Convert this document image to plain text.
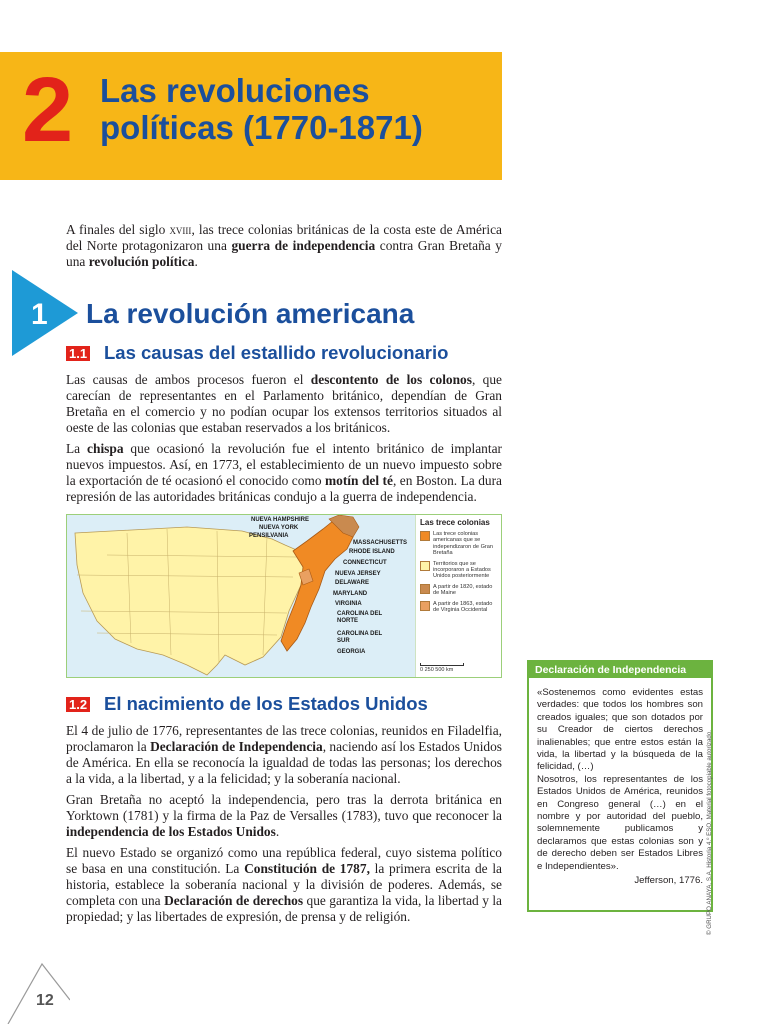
2 Las revoluciones políticas (1770-1871)
A finales del siglo xviii, las trece colonias británicas de la costa este de América del Norte protagonizaron una guerra de independencia contra Gran Bretaña y una revolución política.
1 La revolución americana
1.1 Las causas del estallido revolucionario

Las causas de ambos procesos fueron el descontento de los colonos, que carecían de representantes en el Parlamento británico, dependían de Gran Bretaña en el comercio y no podían ocupar los extensos territorios situados al oeste de las colonias que estaban reservados a los británicos.

La chispa que ocasionó la revolución fue el intento británico de implantar nuevos impuestos. Así, en 1773, el establecimiento de un nuevo impuesto sobre la exportación de té ocasionó el conocido como motín del té, en Boston. La dura represión de las autoridades británicas condujo a la guerra de independencia.

NUEVA HAMPSHIRE
NUEVA YORK
PENSILVANIA
MASSACHUSETTS
RHODE ISLAND
CONNECTICUT
NUEVA JERSEY
DELAWARE
MARYLAND
VIRGINIA
CAROLINA DEL NORTE
CAROLINA DEL SUR
GEORGIA
Las trece colonias
Las trece colonias americanas que se independizaron de Gran Bretaña
Territorios que se incorporaron a Estados Unidos posteriormente
A partir de 1820, estado de Maine
A partir de 1863, estado de Virginia Occidental
0 250 500 km
1.2 El nacimiento de los Estados Unidos

El 4 de julio de 1776, representantes de las trece colonias, reunidos en Filadelfia, proclamaron la Declaración de Independencia, naciendo así los Estados Unidos de América. En ella se reconocía la igualdad de todas las personas; los derechos a la vida, a la libertad, y a la felicidad; y la soberanía nacional.

Gran Bretaña no aceptó la independencia, pero tras la derrota británica en Yorktown (1781) y la firma de la Paz de Versalles (1783), tuvo que reconocer la independencia de los Estados Unidos.

El nuevo Estado se organizó como una república federal, cuyo sistema político se basa en una constitución. La Constitución de 1787, la primera escrita de la historia, establece la soberanía nacional y la división de poderes. Además, se completa con una Declaración de derechos que garantiza la vida, la libertad y la propiedad; y las libertades de expresión, de prensa y de religión.

Declaración de Independencia
«Sostenemos como evidentes estas verdades: que todos los hombres son creados iguales; que son dotados por su Creador de ciertos derechos inalienables; que entre estos están la vida, la libertad y la búsqueda de la felicidad, (…)
Nosotros, los representantes de los Estados Unidos de América, reunidos en Congreso general (…) en el nombre y por autoridad del pueblo, solemnemente publicamos y declaramos que estas colonias son y de derecho deben ser Estados Libres e Independientes».
Jefferson, 1776. © GRUPO ANAYA, S.A. Historia 4.º ESO. Material fotocopiable autorizado.
12
